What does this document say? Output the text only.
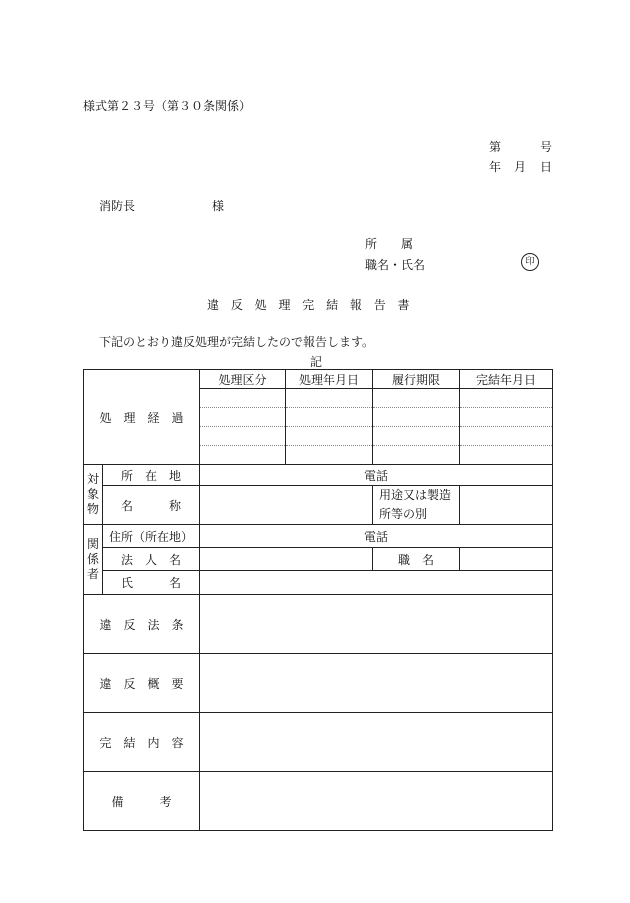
様式第２３号（第３０条関係）
第	号
年 月 日
消防長	様
所　　属
職名・氏名	印
違 反 処 理 完 結 報 告 書
下記のとおり違反処理が完結したので報告します。
記
処　理　経　過		処理区分	処理年月日	履行期限	完結年月日

対象物	所　在　地	電話			
	名　　　称			用途又は製造所等の別	
関係者	住所（所在地）	電話			
	法　人　名			職　名	
	氏　　　名				
違　反　法　条					
違　反　概　要					
完　結　内　容					
備　　　考					
